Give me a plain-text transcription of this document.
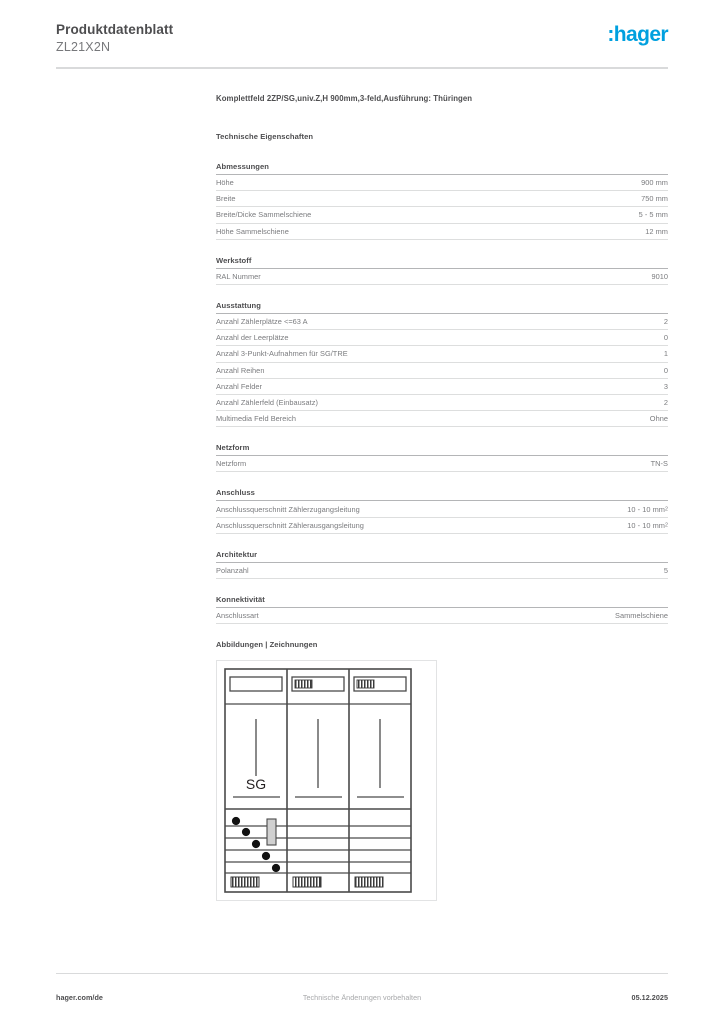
Produktdatenblatt
ZL21X2N
:hager
Komplettfeld 2ZP/SG,univ.Z,H 900mm,3-feld,Ausführung: Thüringen
Technische Eigenschaften
Abmessungen
Höhe	900 mm
Breite	750 mm
Breite/Dicke Sammelschiene	5 - 5 mm
Höhe Sammelschiene	12 mm
Werkstoff
RAL Nummer	9010
Ausstattung
Anzahl Zählerplätze <=63 A	2
Anzahl der Leerplätze	0
Anzahl 3-Punkt-Aufnahmen für SG/TRE	1
Anzahl Reihen	0
Anzahl Felder	3
Anzahl Zählerfeld (Einbausatz)	2
Multimedia Feld Bereich	Ohne
Netzform
Netzform	TN-S
Anschluss
Anschlussquerschnitt Zählerzugangsleitung	10 - 10 $mm^2$
Anschlussquerschnitt Zählerausgangsleitung	10 - 10 $mm^2$
Architektur
Polanzahl	5
Konnektivität
Anschlussart	Sammelschiene
Abbildungen | Zeichnungen
SG
hager.com/de	Technische Änderungen vorbehalten	05.12.2025
